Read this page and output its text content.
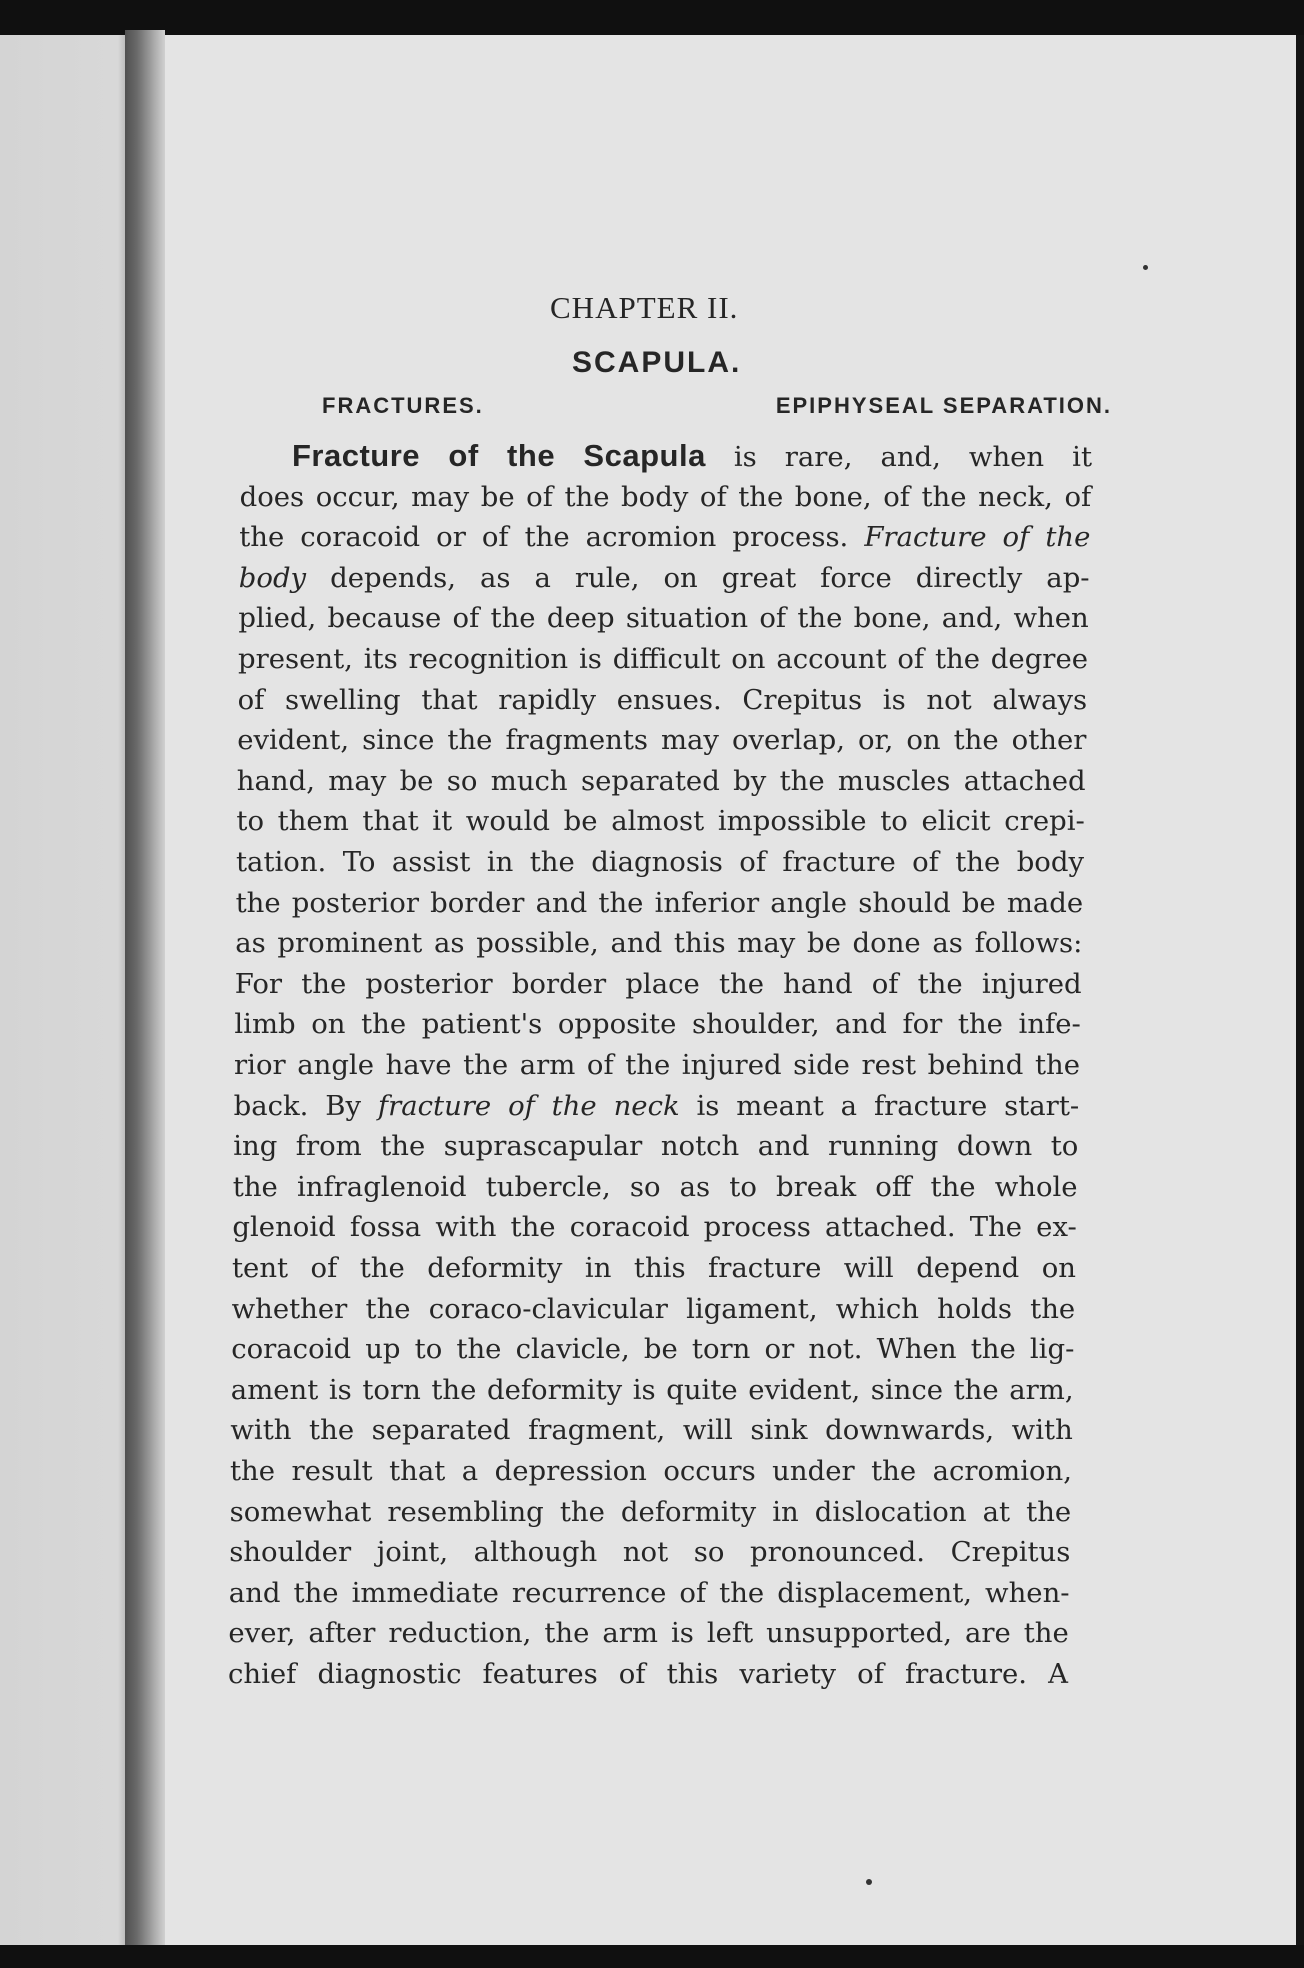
CHAPTER II.
SCAPULA.
FRACTURES.	EPIPHYSEAL SEPARATION.
Fracture of the Scapula is rare, and, when it
does occur, may be of the body of the bone, of the neck, of
the coracoid or of the acromion process. Fracture of the
body depends, as a rule, on great force directly ap-
plied, because of the deep situation of the bone, and, when
present, its recognition is difficult on account of the degree
of swelling that rapidly ensues. Crepitus is not always
evident, since the fragments may overlap, or, on the other
hand, may be so much separated by the muscles attached
to them that it would be almost impossible to elicit crepi-
tation. To assist in the diagnosis of fracture of the body
the posterior border and the inferior angle should be made
as prominent as possible, and this may be done as follows:
For the posterior border place the hand of the injured
limb on the patient's opposite shoulder, and for the infe-
rior angle have the arm of the injured side rest behind the
back. By fracture of the neck is meant a fracture start-
ing from the suprascapular notch and running down to
the infraglenoid tubercle, so as to break off the whole
glenoid fossa with the coracoid process attached. The ex-
tent of the deformity in this fracture will depend on
whether the coraco-clavicular ligament, which holds the
coracoid up to the clavicle, be torn or not. When the lig-
ament is torn the deformity is quite evident, since the arm,
with the separated fragment, will sink downwards, with
the result that a depression occurs under the acromion,
somewhat resembling the deformity in dislocation at the
shoulder joint, although not so pronounced. Crepitus
and the immediate recurrence of the displacement, when-
ever, after reduction, the arm is left unsupported, are the
chief diagnostic features of this variety of fracture. A
